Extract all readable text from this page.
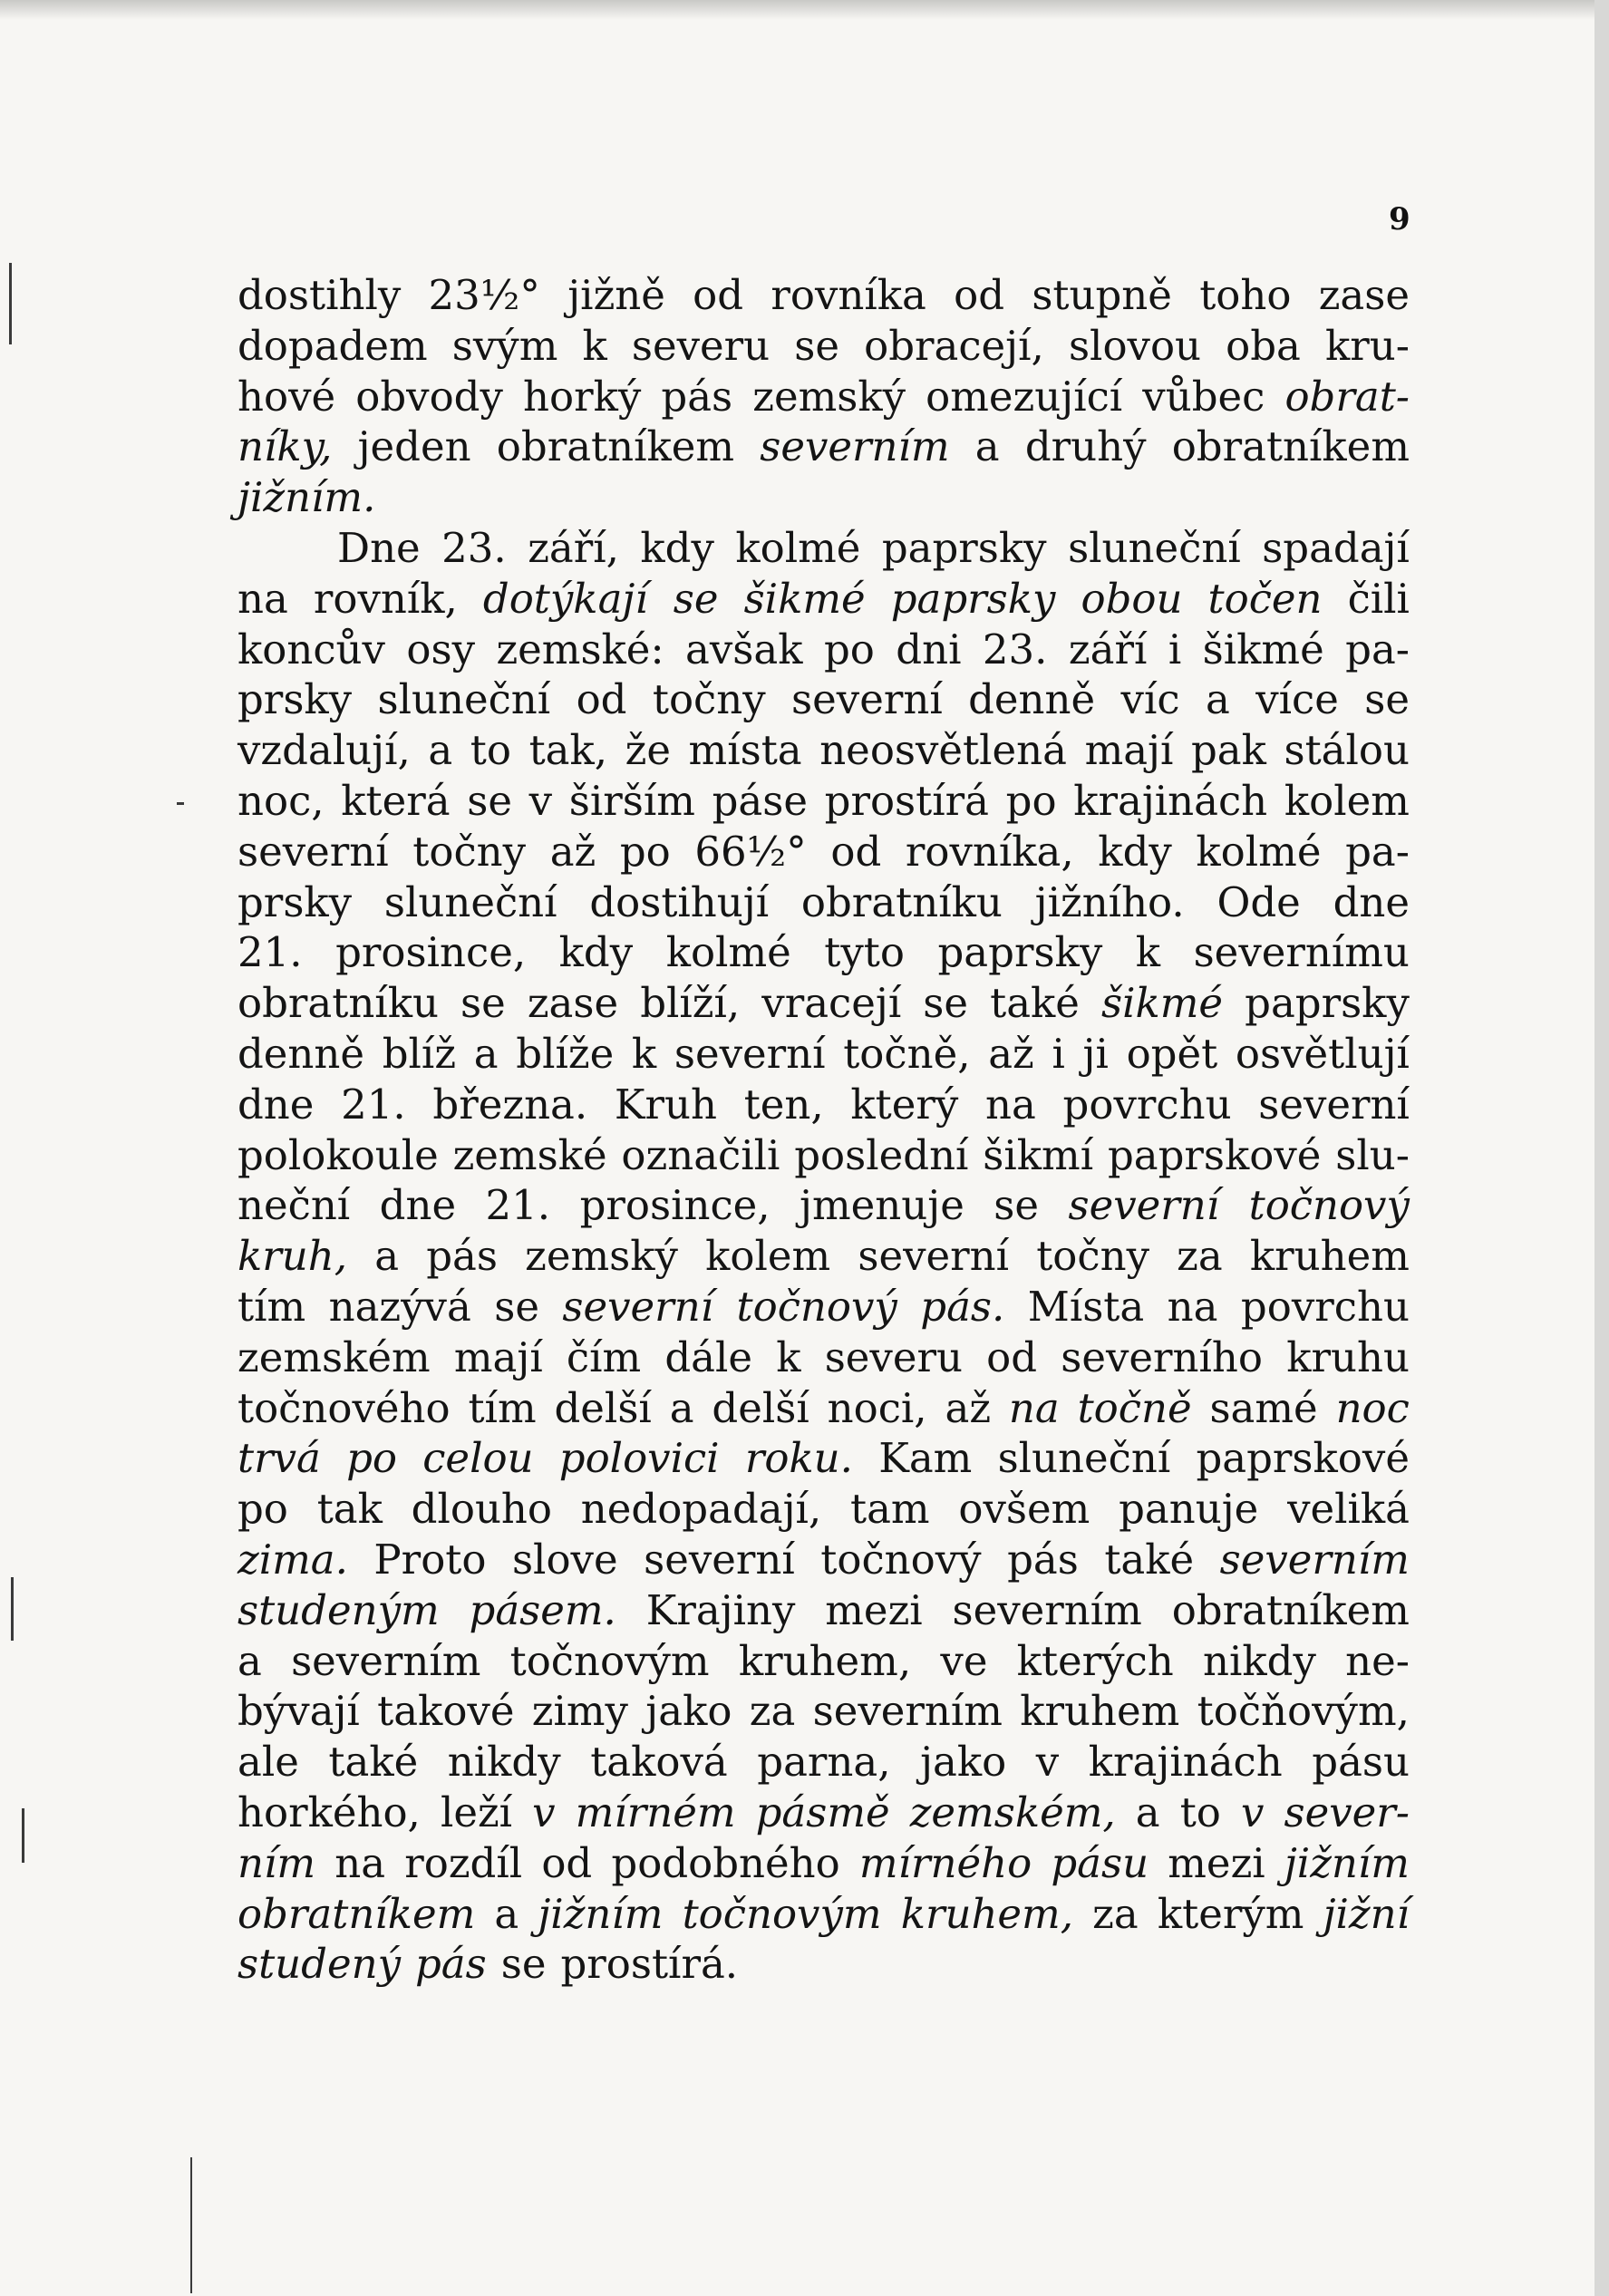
9
dostihly 23½° jižně od rovníka od stupně toho zase
dopadem svým k severu se obracejí, slovou oba kru-
hové obvody horký pás zemský omezující vůbec obrat-
níky, jeden obratníkem severním a druhý obratníkem
jižním.
Dne 23. září, kdy kolmé paprsky sluneční spadají
na rovník, dotýkají se šikmé paprsky obou točen čili
koncův osy zemské: avšak po dni 23. září i šikmé pa-
prsky sluneční od točny severní denně víc a více se
vzdalují, a to tak, že místa neosvětlená mají pak stálou
noc, která se v širším páse prostírá po krajinách kolem
severní točny až po 66½° od rovníka, kdy kolmé pa-
prsky sluneční dostihují obratníku jižního. Ode dne
21. prosince, kdy kolmé tyto paprsky k severnímu
obratníku se zase blíží, vracejí se také šikmé paprsky
denně blíž a blíže k severní točně, až i ji opět osvětlují
dne 21. března. Kruh ten, který na povrchu severní
polokoule zemské označili poslední šikmí paprskové slu-
neční dne 21. prosince, jmenuje se severní točnový
kruh, a pás zemský kolem severní točny za kruhem
tím nazývá se severní točnový pás. Místa na povrchu
zemském mají čím dále k severu od severního kruhu
točnového tím delší a delší noci, až na točně samé noc
trvá po celou polovici roku. Kam sluneční paprskové
po tak dlouho nedopadají, tam ovšem panuje veliká
zima. Proto slove severní točnový pás také severním
studeným pásem. Krajiny mezi severním obratníkem
a severním točnovým kruhem, ve kterých nikdy ne-
bývají takové zimy jako za severním kruhem točňovým,
ale také nikdy taková parna, jako v krajinách pásu
horkého, leží v mírném pásmě zemském, a to v sever-
ním na rozdíl od podobného mírného pásu mezi jižním
obratníkem a jižním točnovým kruhem, za kterým jižní
studený pás se prostírá.
